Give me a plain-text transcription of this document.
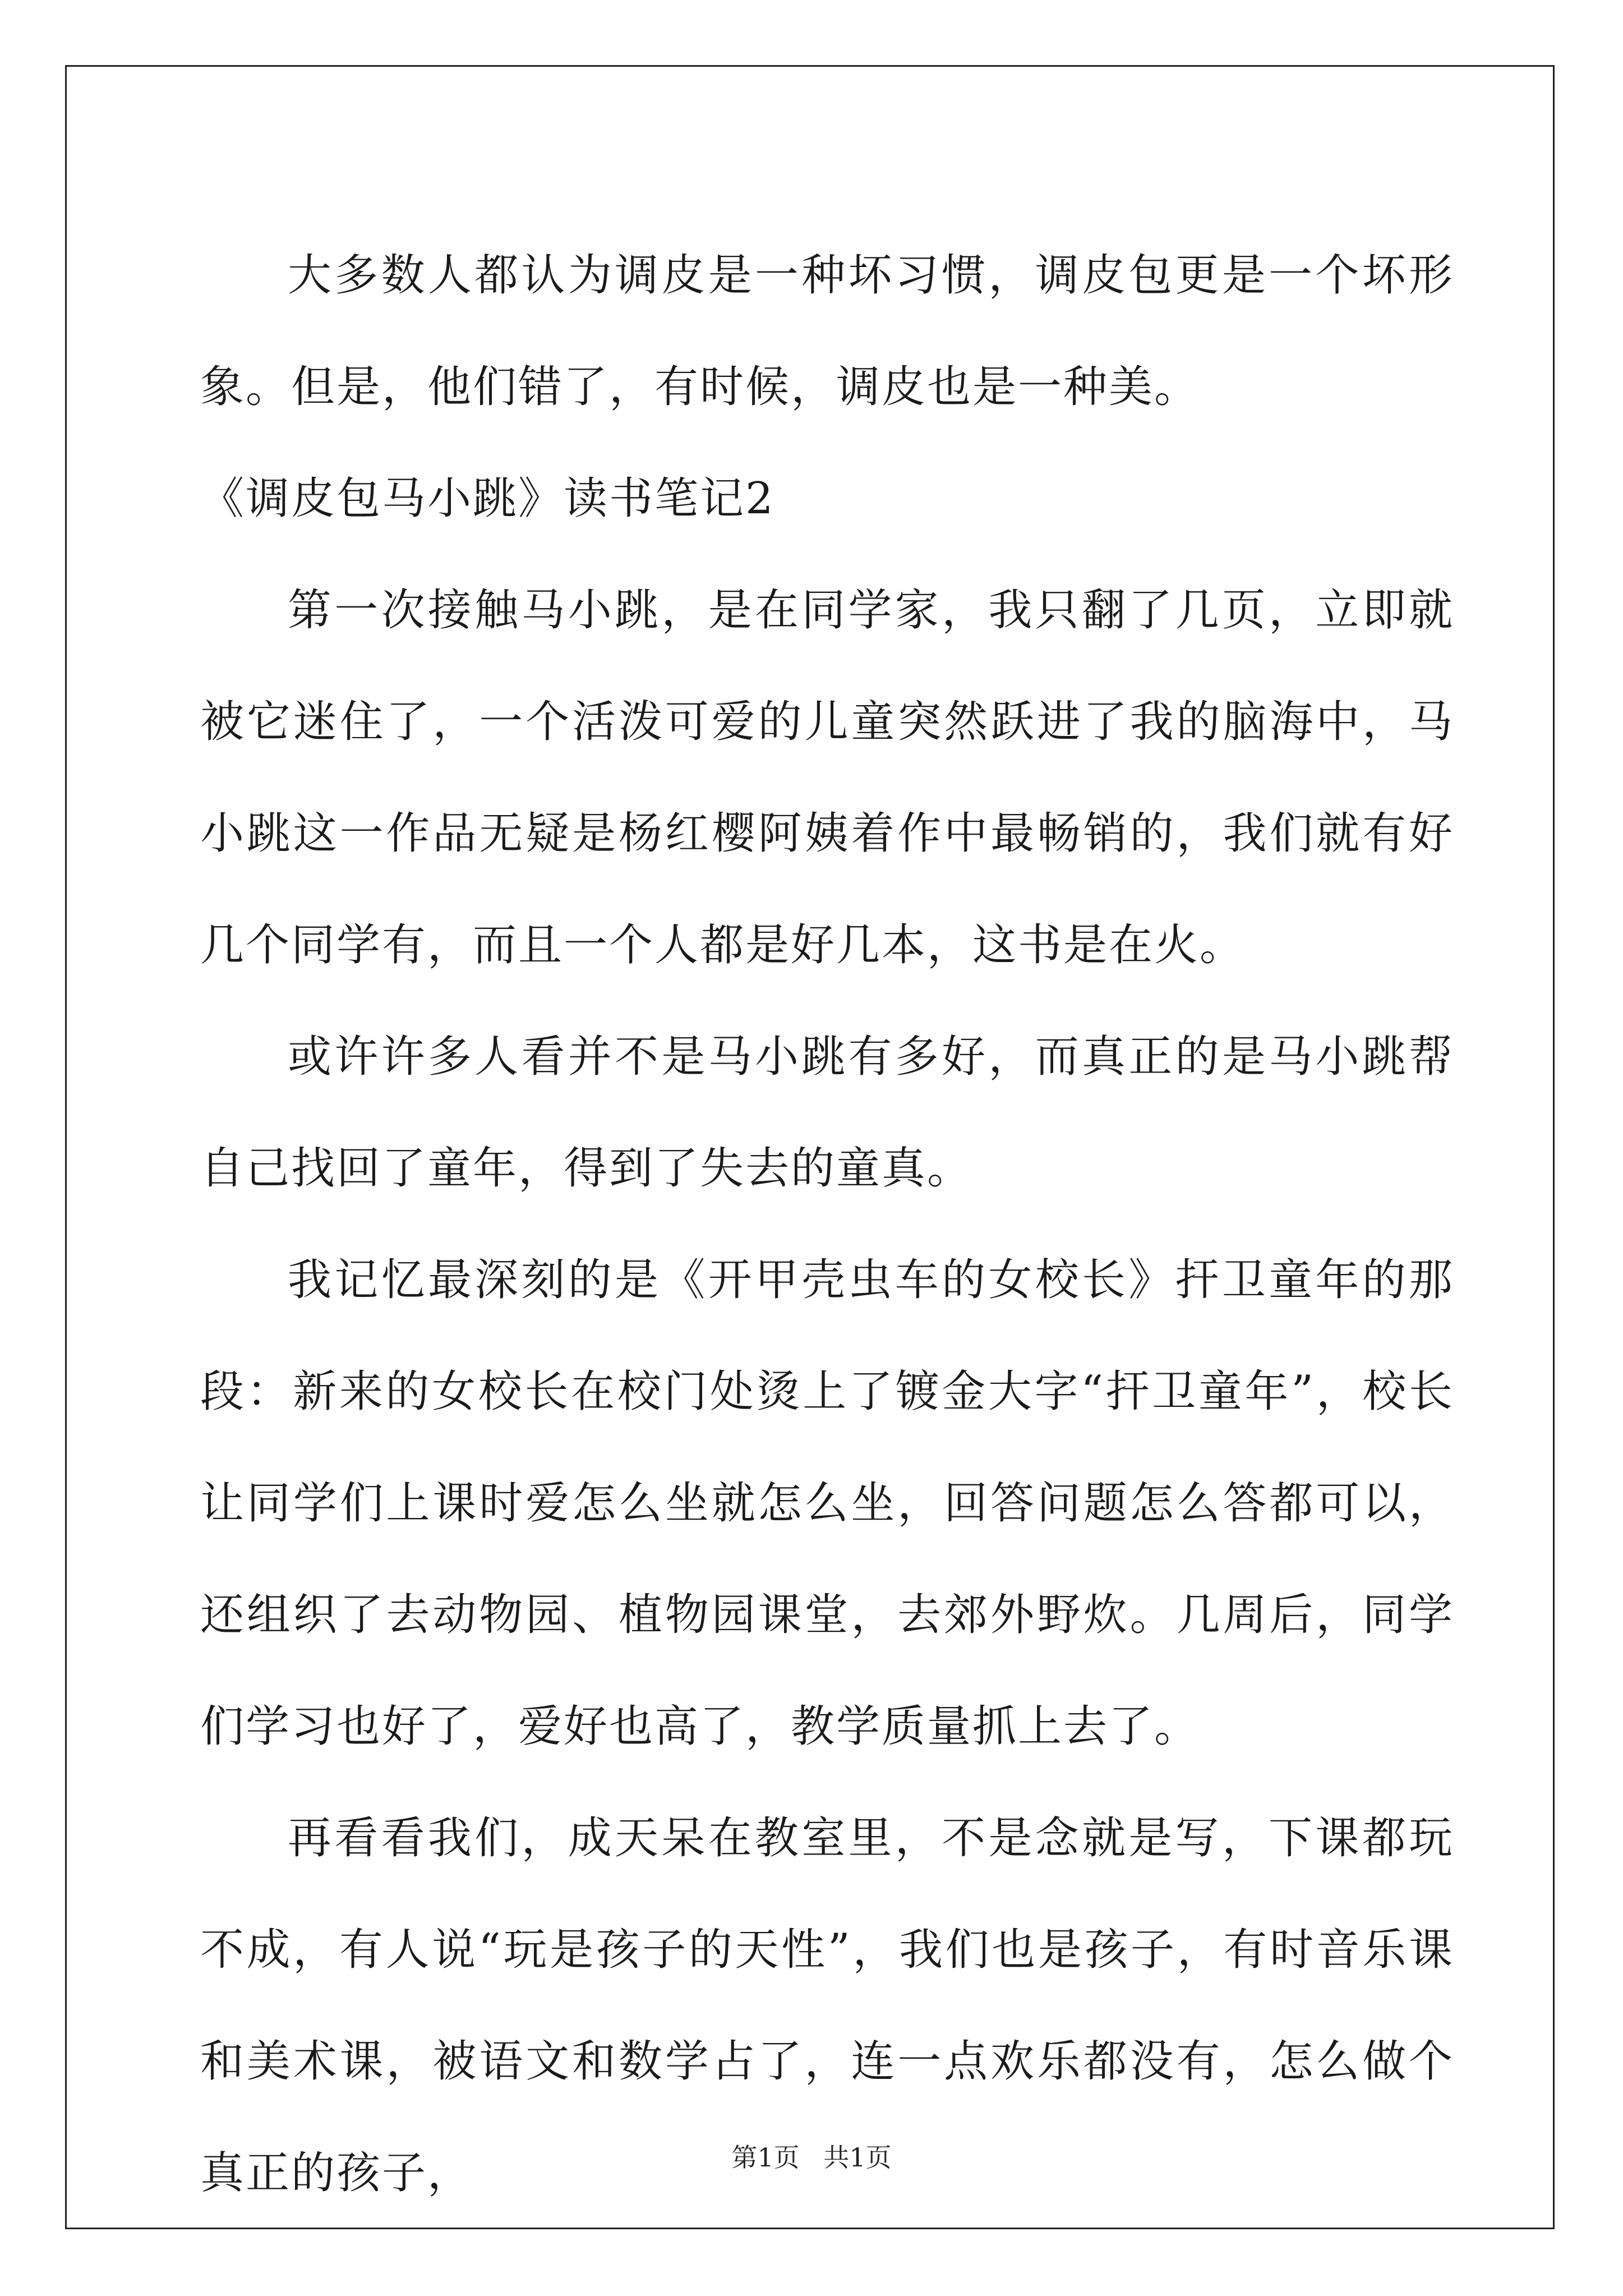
大多数人都认为调皮是一种坏习惯，调皮包更是一个坏形象。但是，他们错了，有时候，调皮也是一种美。

《调皮包马小跳》读书笔记2

第一次接触马小跳，是在同学家，我只翻了几页，立即就被它迷住了，一个活泼可爱的儿童突然跃进了我的脑海中，马小跳这一作品无疑是杨红樱阿姨着作中最畅销的，我们就有好几个同学有，而且一个人都是好几本，这书是在火。

或许许多人看并不是马小跳有多好，而真正的是马小跳帮自己找回了童年，得到了失去的童真。

我记忆最深刻的是《开甲壳虫车的女校长》扞卫童年的那段：新来的女校长在校门处烫上了镀金大字“扞卫童年”，校长让同学们上课时爱怎么坐就怎么坐，回答问题怎么答都可以，还组织了去动物园、植物园课堂，去郊外野炊。几周后，同学们学习也好了，爱好也高了，教学质量抓上去了。

再看看我们，成天呆在教室里，不是念就是写，下课都玩不成，有人说“玩是孩子的天性”，我们也是孩子，有时音乐课和美术课，被语文和数学占了，连一点欢乐都没有，怎么做个真正的孩子，	第1页 共1页
